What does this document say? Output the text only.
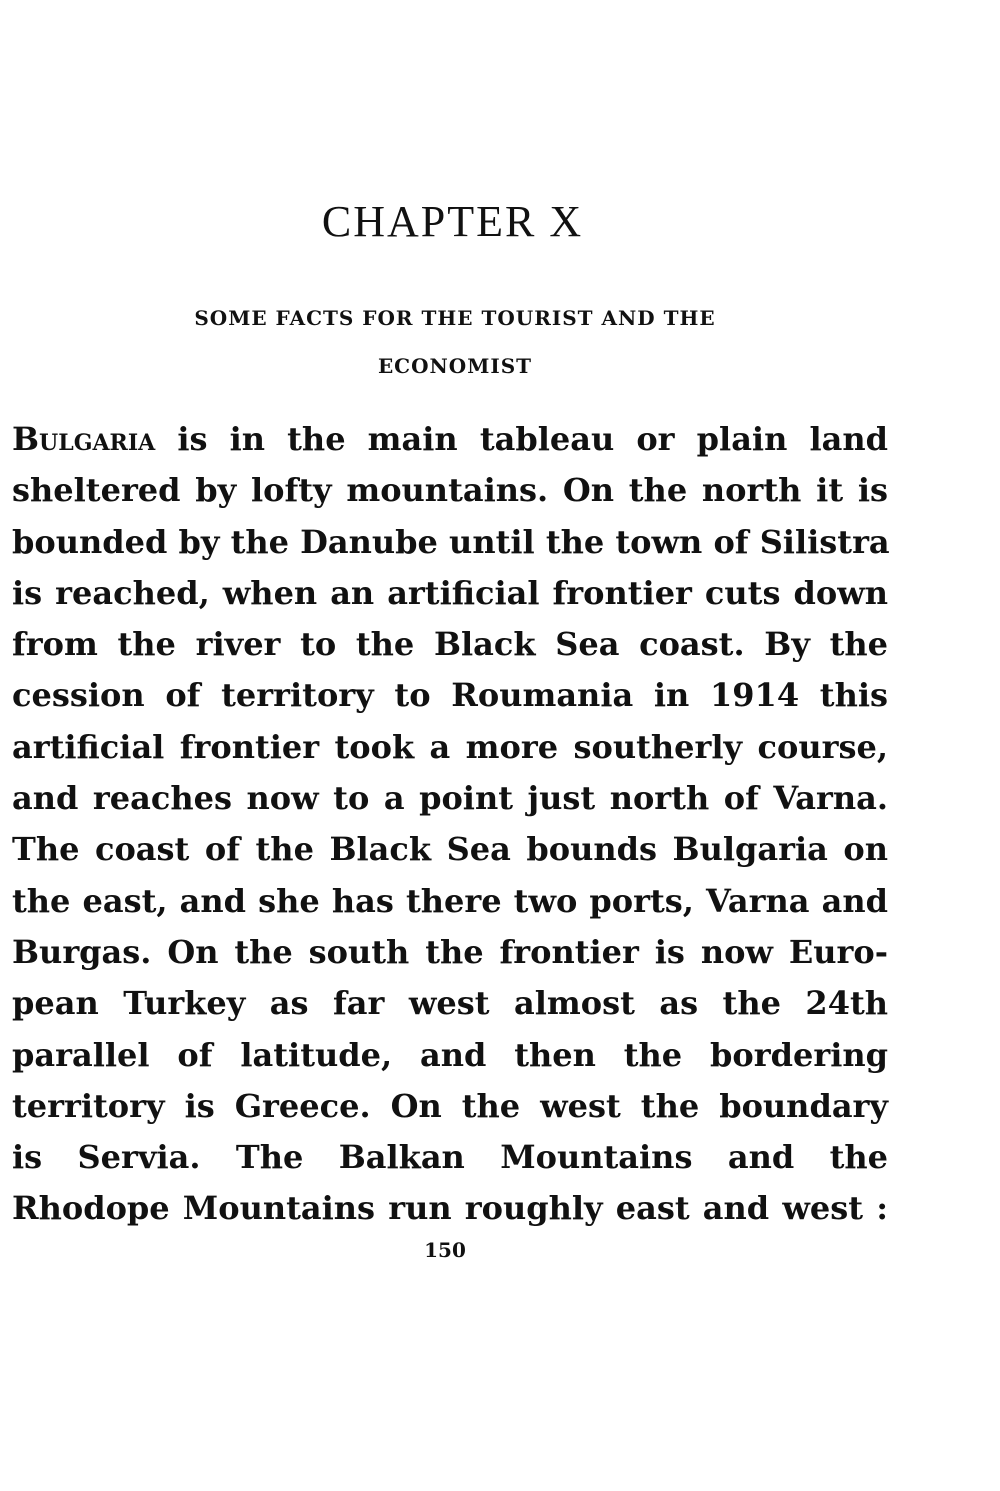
CHAPTER X
SOME FACTS FOR THE TOURIST AND THE
ECONOMIST
Bulgaria is in the main tableau or plain land
sheltered by lofty mountains. On the north it is
bounded by the Danube until the town of Silistra
is reached, when an artificial frontier cuts down
from the river to the Black Sea coast. By the
cession of territory to Roumania in 1914 this
artificial frontier took a more southerly course,
and reaches now to a point just north of Varna.
The coast of the Black Sea bounds Bulgaria on
the east, and she has there two ports, Varna and
Burgas. On the south the frontier is now Euro-
pean Turkey as far west almost as the 24th
parallel of latitude, and then the bordering
territory is Greece. On the west the boundary
is Servia. The Balkan Mountains and the
Rhodope Mountains run roughly east and west :
150
